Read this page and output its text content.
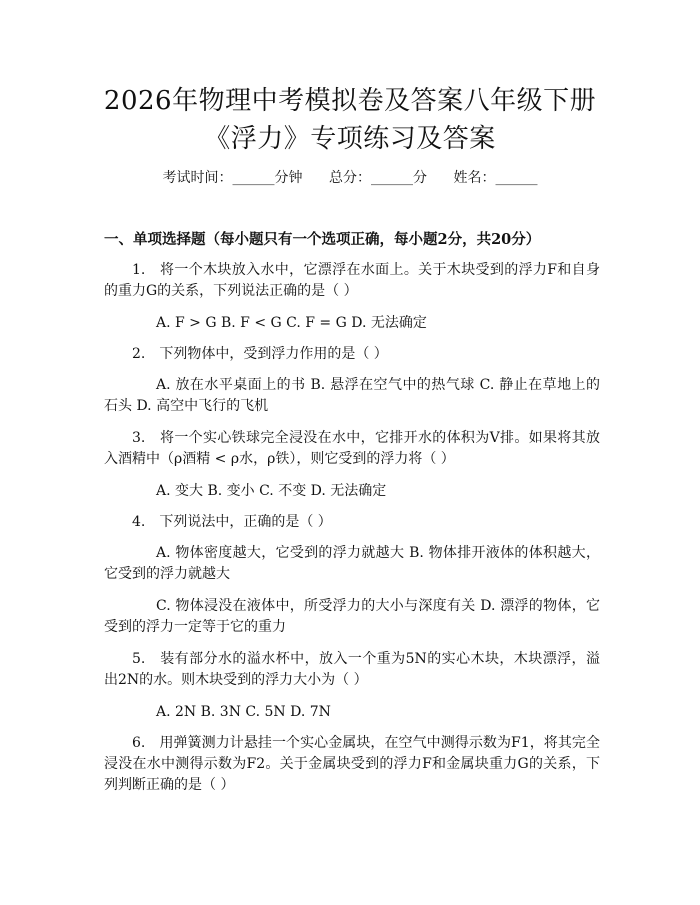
2026年物理中考模拟卷及答案八年级下册
《浮力》专项练习及答案
考试时间：______分钟 总分：______分 姓名：______
一、单项选择题（每小题只有一个选项正确，每小题2分，共20分）
1.　将一个木块放入水中，它漂浮在水面上。关于木块受到的浮力F和自身的重力G的关系，下列说法正确的是（ ）
A. F > G B. F < G C. F = G D. 无法确定
2.　下列物体中，受到浮力作用的是（ ）
A. 放在水平桌面上的书 B. 悬浮在空气中的热气球 C. 静止在草地上的石头 D. 高空中飞行的飞机
3.　将一个实心铁球完全浸没在水中，它排开水的体积为V排。如果将其放入酒精中（ρ酒精 < ρ水，ρ铁），则它受到的浮力将（ ）
A. 变大 B. 变小 C. 不变 D. 无法确定
4.　下列说法中，正确的是（ ）
A. 物体密度越大，它受到的浮力就越大 B. 物体排开液体的体积越大，它受到的浮力就越大
C. 物体浸没在液体中，所受浮力的大小与深度有关 D. 漂浮的物体，它受到的浮力一定等于它的重力
5.　装有部分水的溢水杯中，放入一个重为5N的实心木块，木块漂浮，溢出2N的水。则木块受到的浮力大小为（ ）
A. 2N B. 3N C. 5N D. 7N
6.　用弹簧测力计悬挂一个实心金属块，在空气中测得示数为F1，将其完全浸没在水中测得示数为F2。关于金属块受到的浮力F和金属块重力G的关系，下列判断正确的是（ ）
